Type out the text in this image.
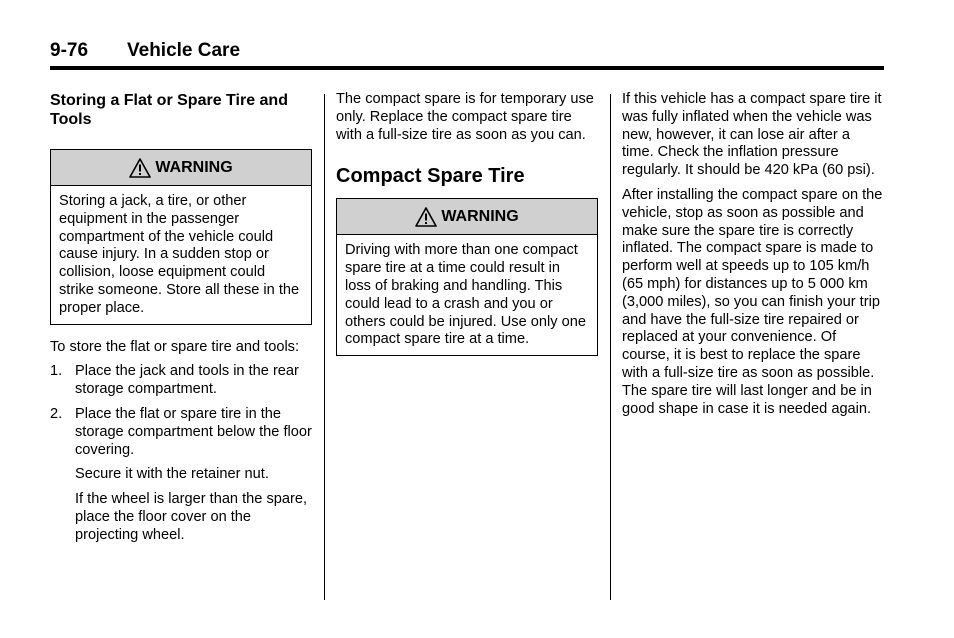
9-76 Vehicle Care

Storing a Flat or Spare Tire and Tools

WARNING
Storing a jack, a tire, or other equipment in the passenger compartment of the vehicle could cause injury. In a sudden stop or collision, loose equipment could strike someone. Store all these in the proper place.

To store the flat or spare tire and tools:

1. Place the jack and tools in the rear storage compartment.
2. Place the flat or spare tire in the storage compartment below the floor covering.

Secure it with the retainer nut.

If the wheel is larger than the spare, place the floor cover on the projecting wheel.

The compact spare is for temporary use only. Replace the compact spare tire with a full-size tire as soon as you can.

Compact Spare Tire
WARNING
Driving with more than one compact spare tire at a time could result in loss of braking and handling. This could lead to a crash and you or others could be injured. Use only one compact spare tire at a time.

If this vehicle has a compact spare tire it was fully inflated when the vehicle was new, however, it can lose air after a time. Check the inflation pressure regularly. It should be 420 kPa (60 psi).

After installing the compact spare on the vehicle, stop as soon as possible and make sure the spare tire is correctly inflated. The compact spare is made to perform well at speeds up to 105 km/h (65 mph) for distances up to 5 000 km (3,000 miles), so you can finish your trip and have the full-size tire repaired or replaced at your convenience. Of course, it is best to replace the spare with a full-size tire as soon as possible. The spare tire will last longer and be in good shape in case it is needed again.
